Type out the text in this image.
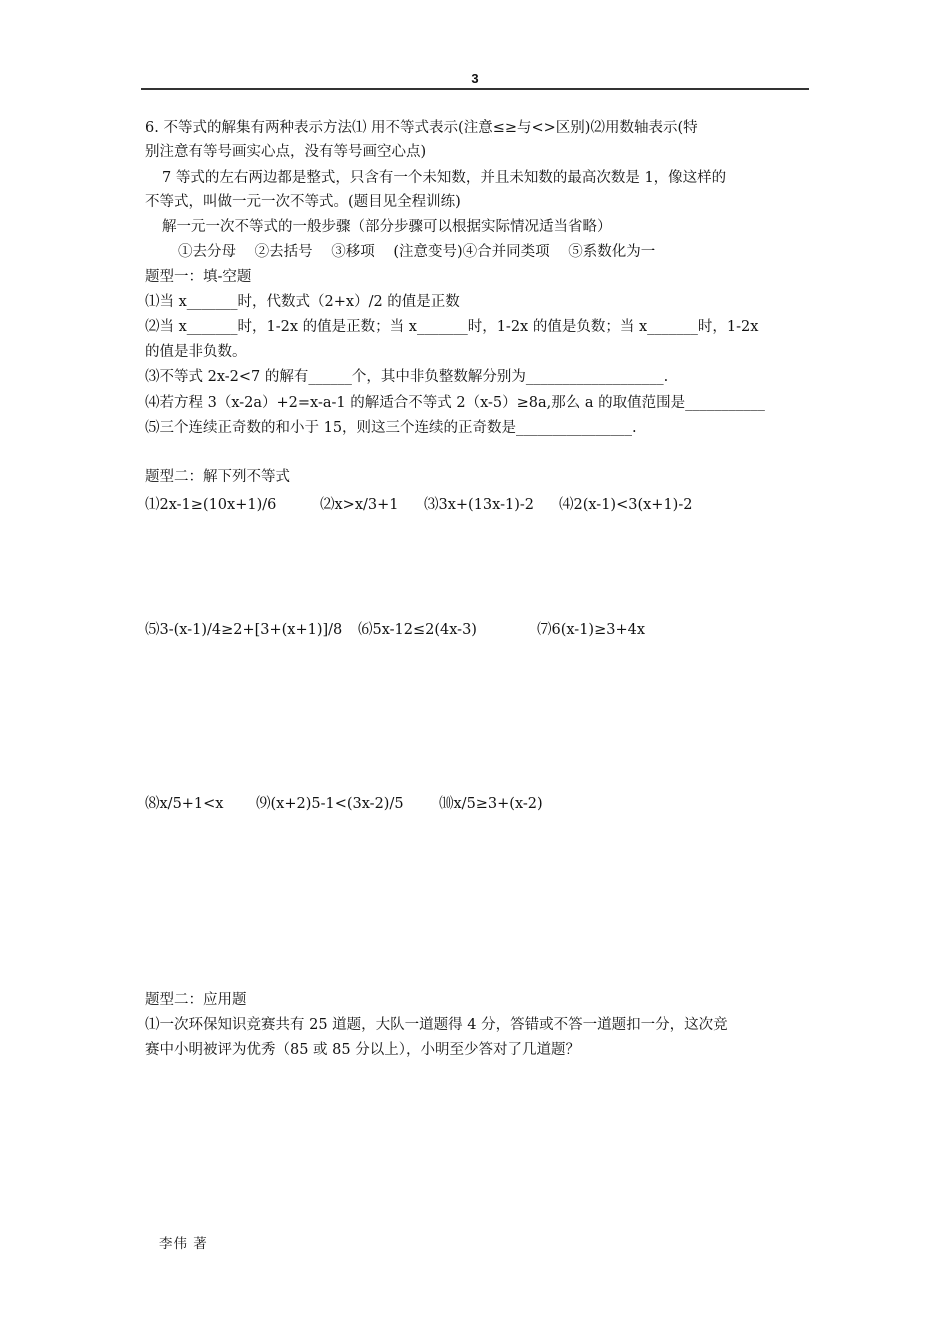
3
6. 不等式的解集有两种表示方法⑴ 用不等式表示(注意≤≥与<>区别)⑵用数轴表示(特
别注意有等号画实心点，没有等号画空心点)
7 等式的左右两边都是整式，只含有一个未知数，并且未知数的最高次数是 1，像这样的
不等式，叫做一元一次不等式。(题目见全程训练)
解一元一次不等式的一般步骤（部分步骤可以根据实际情况适当省略）
①去分母 ②去括号 ③移项 (注意变号)④合并同类项 ⑤系数化为一
题型一：填-空题
⑴当 x_______时，代数式（2+x）/2 的值是正数
⑵当 x_______时，1-2x 的值是正数；当 x_______时，1-2x 的值是负数；当 x_______时，1-2x
的值是非负数。
⑶不等式 2x-2<7 的解有______个，其中非负整数解分别为___________________.
⑷若方程 3（x-2a）+2=x-a-1 的解适合不等式 2（x-5）≥8a,那么 a 的取值范围是___________
⑸三个连续正奇数的和小于 15，则这三个连续的正奇数是________________.
题型二：解下列不等式
⑴2x-1≥(10x+1)/6	⑵x>x/3+1 ⑶3x+(13x-1)-2 ⑷2(x-1)<3(x+1)-2
⑸3-(x-1)/4≥2+[3+(x+1)]/8 ⑹5x-12≤2(4x-3)	⑺6(x-1)≥3+4x
⑻x/5+1<x ⑼(x+2)5-1<(3x-2)/5 ⑽x/5≥3+(x-2)
题型二：应用题
⑴一次环保知识竞赛共有 25 道题，大队一道题得 4 分，答错或不答一道题扣一分，这次竞
赛中小明被评为优秀（85 或 85 分以上），小明至少答对了几道题？
李伟 著
